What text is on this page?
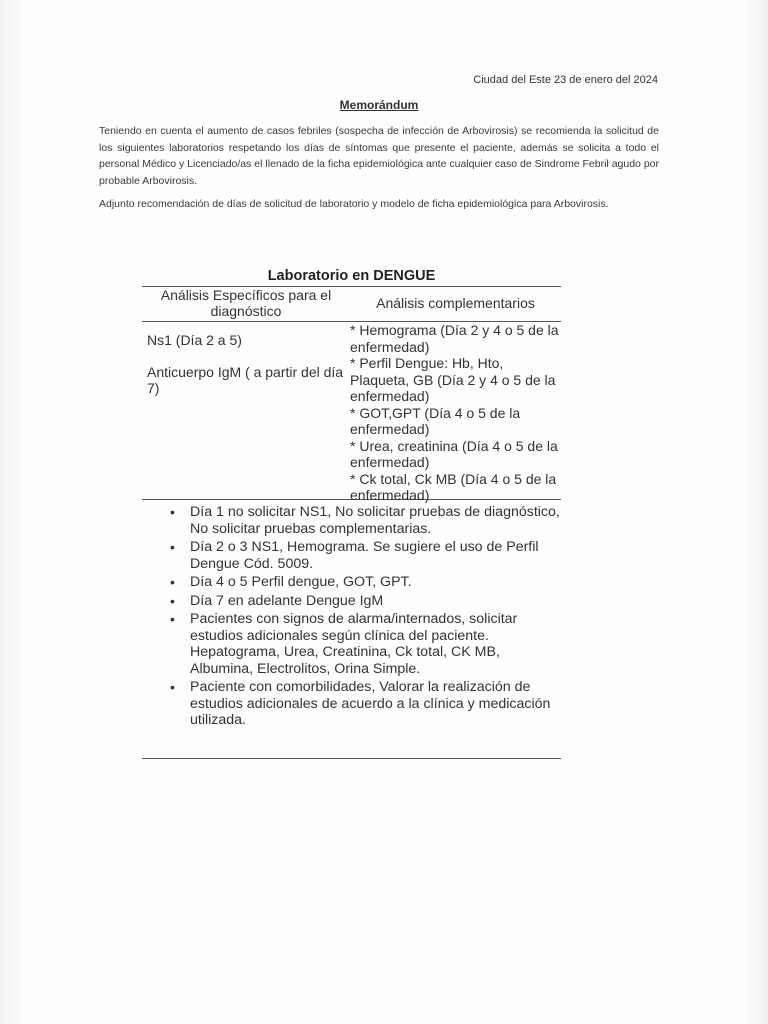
Ciudad del Este 23 de enero del 2024
Memorándum
Teniendo en cuenta el aumento de casos febriles (sospecha de infección de Arbovirosis) se recomienda la solicitud de los siguientes laboratorios respetando los días de síntomas que presente el paciente, además se solicita a todo el personal Médico y Licenciado/as el llenado de la ficha epidemiológica ante cualquier caso de Sindrome Febril agudo por probable Arbovirosis.
Adjunto recomendación de días de solicitud de laboratorio y modelo de ficha epidemiológica para Arbovirosis.
Laboratorio en DENGUE
Análisis Específicos para el diagnóstico	Análisis complementarios
Ns1 (Día 2 a 5)
Anticuerpo IgM ( a partir del día 7)
* Hemograma (Día 2 y 4 o 5 de la enfermedad)
* Perfil Dengue: Hb, Hto, Plaqueta, GB (Día 2 y 4 o 5 de la enfermedad)
* GOT,GPT (Día 4 o 5 de la enfermedad)
* Urea, creatinina (Día 4 o 5 de la enfermedad)
* Ck total, Ck MB (Día 4 o 5 de la enfermedad)
• Día 1 no solicitar NS1, No solicitar pruebas de diagnóstico, No solicitar pruebas complementarias.
• Día 2 o 3 NS1, Hemograma. Se sugiere el uso de Perfil Dengue Cód. 5009.
• Día 4 o 5 Perfil dengue, GOT, GPT.
• Día 7 en adelante Dengue IgM
• Pacientes con signos de alarma/internados, solicitar estudios adicionales según clínica del paciente. Hepatograma, Urea, Creatinina, Ck total, CK MB, Albumina, Electrolitos, Orina Simple.
• Paciente con comorbilidades, Valorar la realización de estudios adicionales de acuerdo a la clínica y medicación utilizada.
